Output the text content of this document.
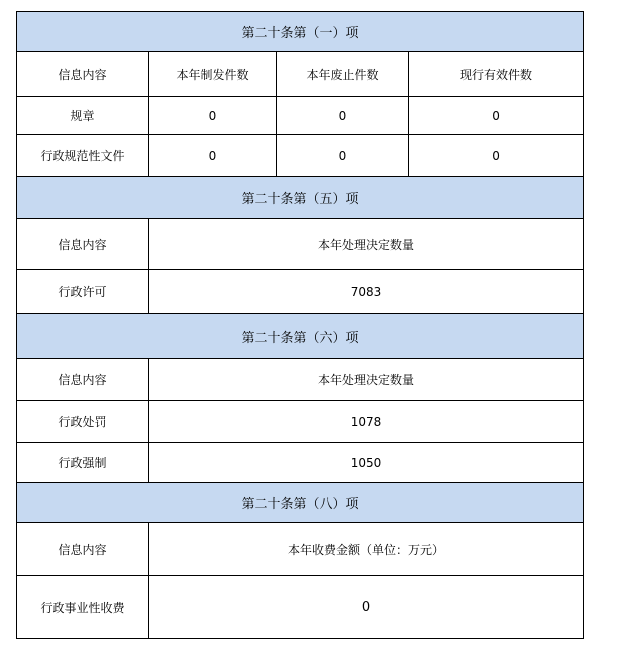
第二十条第（一）项			
信息内容	本年制发件数	本年废止件数	现行有效件数
规章	0	0	0
行政规范性文件	0	0	0
第二十条第（五）项			
信息内容	本年处理决定数量		
行政许可	7083		
第二十条第（六）项			
信息内容	本年处理决定数量		
行政处罚	1078		
行政强制	1050		
第二十条第（八）项			
信息内容	本年收费金额（单位：万元）		
行政事业性收费	0		
